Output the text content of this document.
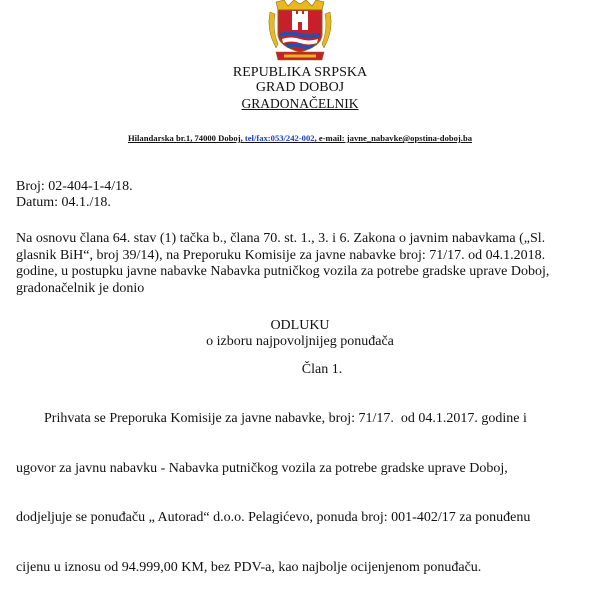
REPUBLIKA SRPSKA
GRAD DOBOJ
GRADONAČELNIK
Hilandarska br.1, 74000 Doboj, tel/fax:053/242-002, e-mail: javne_nabavke@opstina-doboj.ba
Broj: 02-404-1-4/18.
Datum: 04.1./18.
Na osnovu člana 64. stav (1) tačka b., člana 70. st. 1., 3. i 6. Zakona o javnim nabavkama („Sl.
glasnik BiH“, broj 39/14), na Preporuku Komisije za javne nabavke broj: 71/17. od 04.1.2018.
godine, u postupku javne nabavke Nabavka putničkog vozila za potrebe gradske uprave Doboj,
gradonačelnik je donio
ODLUKU
o izboru najpovoljnijeg ponuđača
Član 1.

Prihvata se Preporuka Komisije za javne nabavke, broj: 71/17.  od 04.1.2017. godine i

ugovor za javnu nabavku - Nabavka putničkog vozila za potrebe gradske uprave Doboj,

dodjeljuje se ponuđaču „ Autorad“ d.o.o. Pelagićevo, ponuda broj: 001-402/17 za ponuđenu

cijenu u iznosu od 94.999,00 KM, bez PDV-a, kao najbolje ocijenjenom ponuđaču.
